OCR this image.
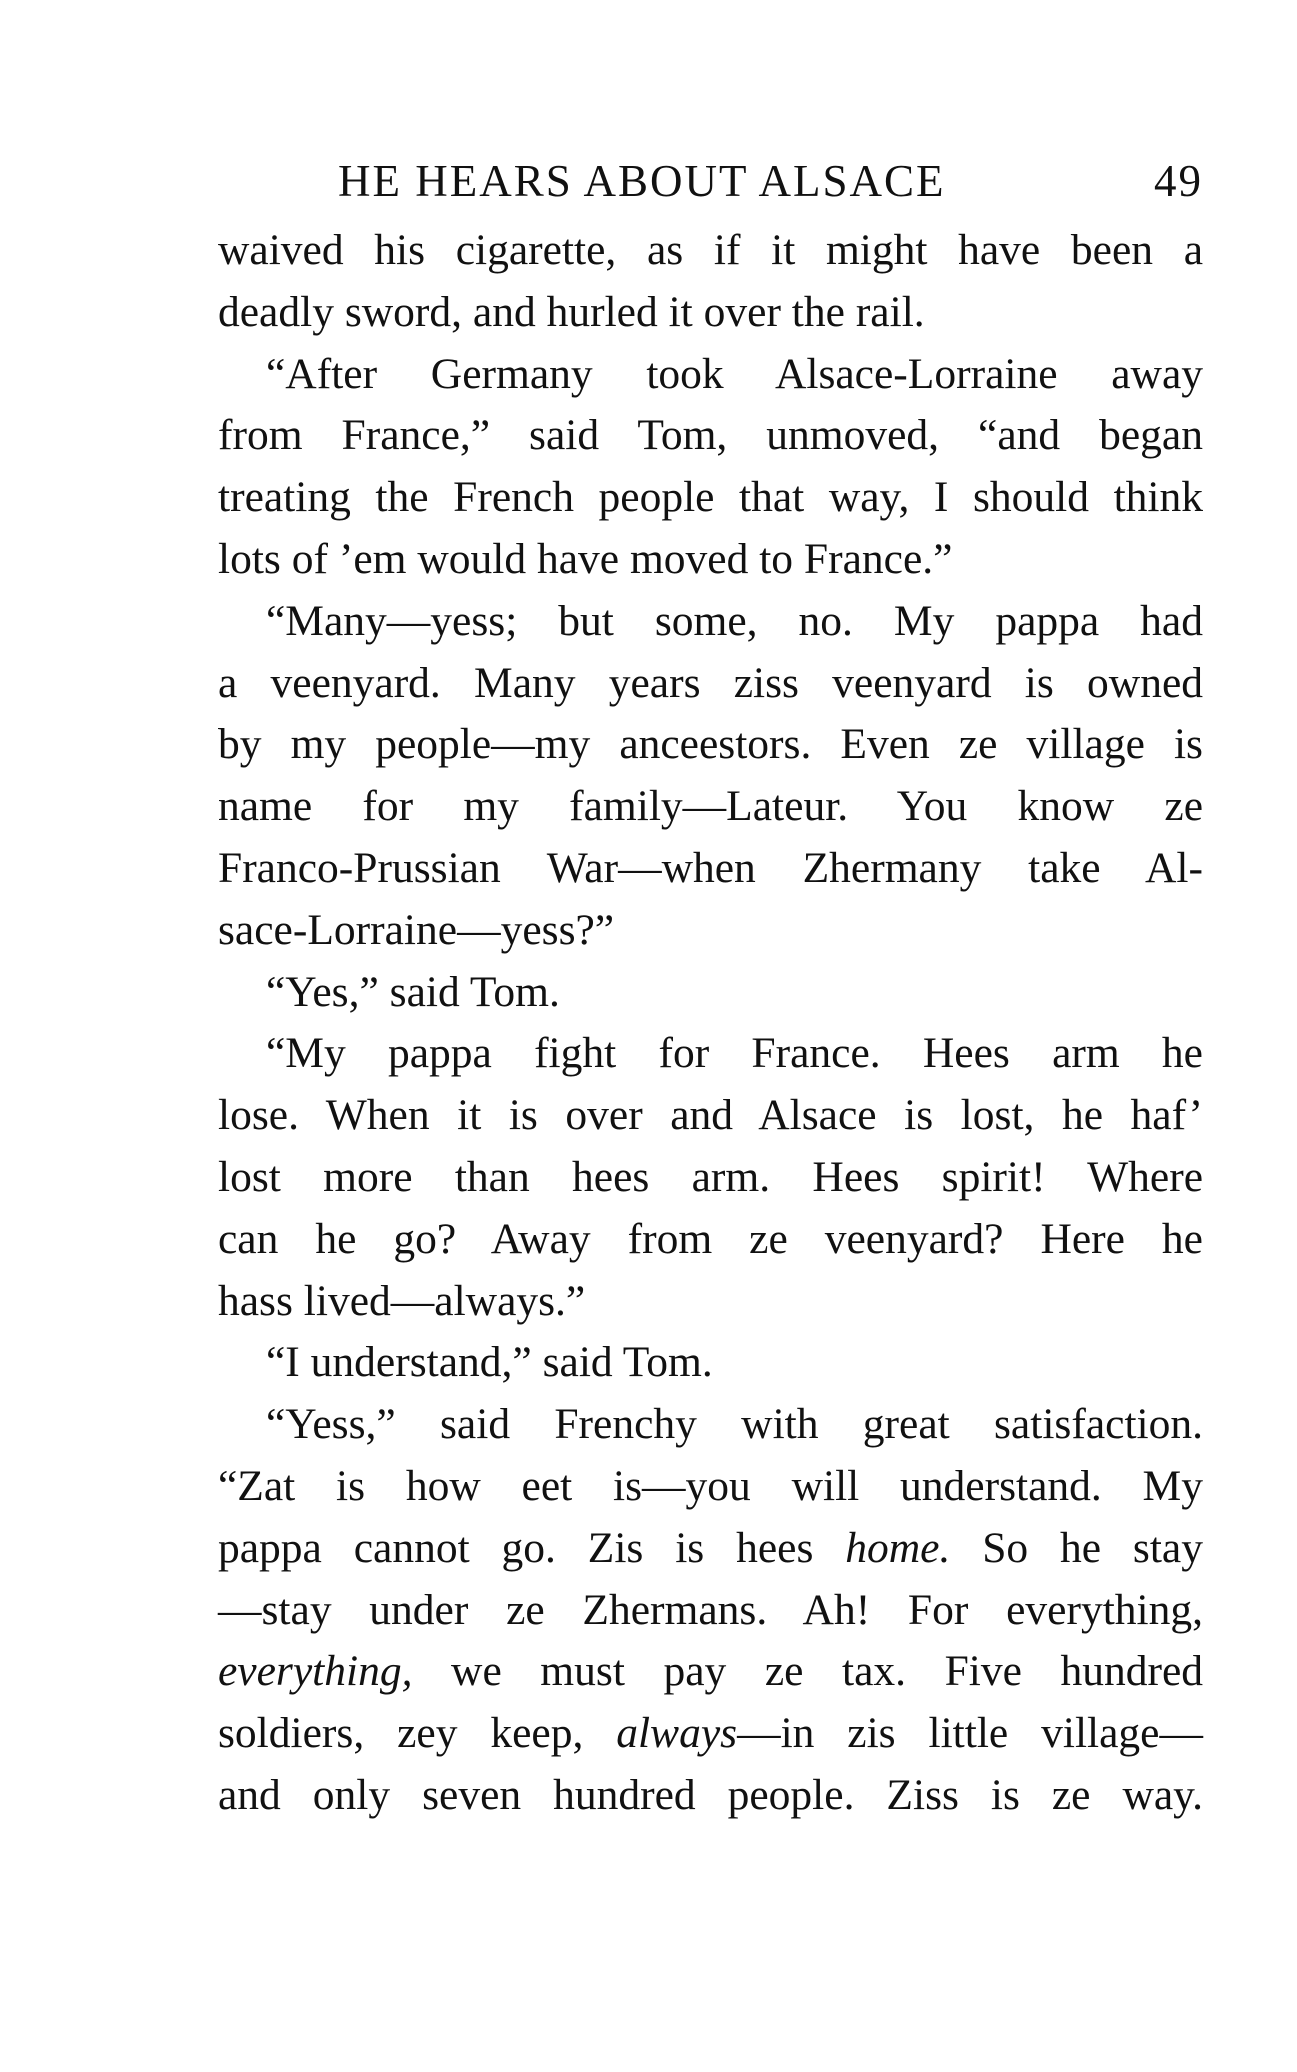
HE HEARS ABOUT ALSACE	49
waived his cigarette, as if it might have been a
deadly sword, and hurled it over the rail.
“After Germany took Alsace-Lorraine away
from France,” said Tom, unmoved, “and began
treating the French people that way, I should think
lots of ’em would have moved to France.”
“Many—yess; but some, no. My pappa had
a veenyard. Many years ziss veenyard is owned
by my people—my anceestors. Even ze village is
name for my family—Lateur. You know ze
Franco-Prussian War—when Zhermany take Al-
sace-Lorraine—yess?”
“Yes,” said Tom.
“My pappa fight for France. Hees arm he
lose. When it is over and Alsace is lost, he haf’
lost more than hees arm. Hees spirit! Where
can he go? Away from ze veenyard? Here he
hass lived—always.”
“I understand,” said Tom.
“Yess,” said Frenchy with great satisfaction.
“Zat is how eet is—you will understand. My
pappa cannot go. Zis is hees home. So he stay
—stay under ze Zhermans. Ah! For everything,
everything, we must pay ze tax. Five hundred
soldiers, zey keep, always—in zis little village—
and only seven hundred people. Ziss is ze way.
